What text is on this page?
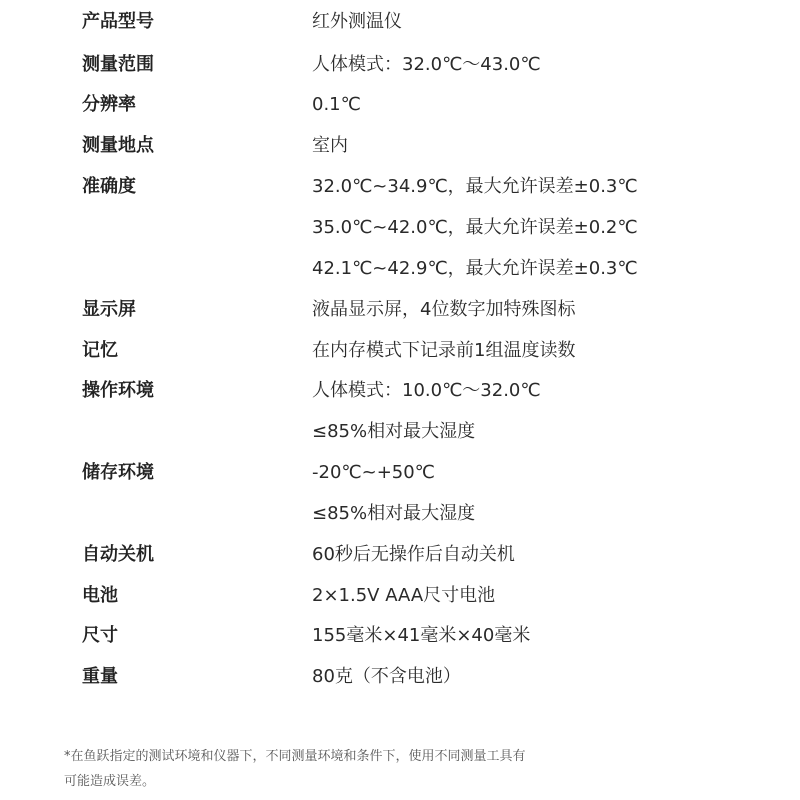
产品型号	红外测温仪
测量范围	人体模式：32.0℃～43.0℃
分辨率	0.1℃
测量地点	室内
准确度	32.0℃~34.9℃，最大允许误差±0.3℃
35.0℃~42.0℃，最大允许误差±0.2℃
42.1℃~42.9℃，最大允许误差±0.3℃
显示屏	液晶显示屏，4位数字加特殊图标
记忆	在内存模式下记录前1组温度读数
操作环境	人体模式：10.0℃～32.0℃
≤85%相对最大湿度
储存环境	-20℃~+50℃
≤85%相对最大湿度
自动关机	60秒后无操作后自动关机
电池	2×1.5V AAA尺寸电池
尺寸	155毫米×41毫米×40毫米
重量	80克（不含电池）
*在鱼跃指定的测试环境和仪器下，不同测量环境和条件下，使用不同测量工具有
可能造成误差。
